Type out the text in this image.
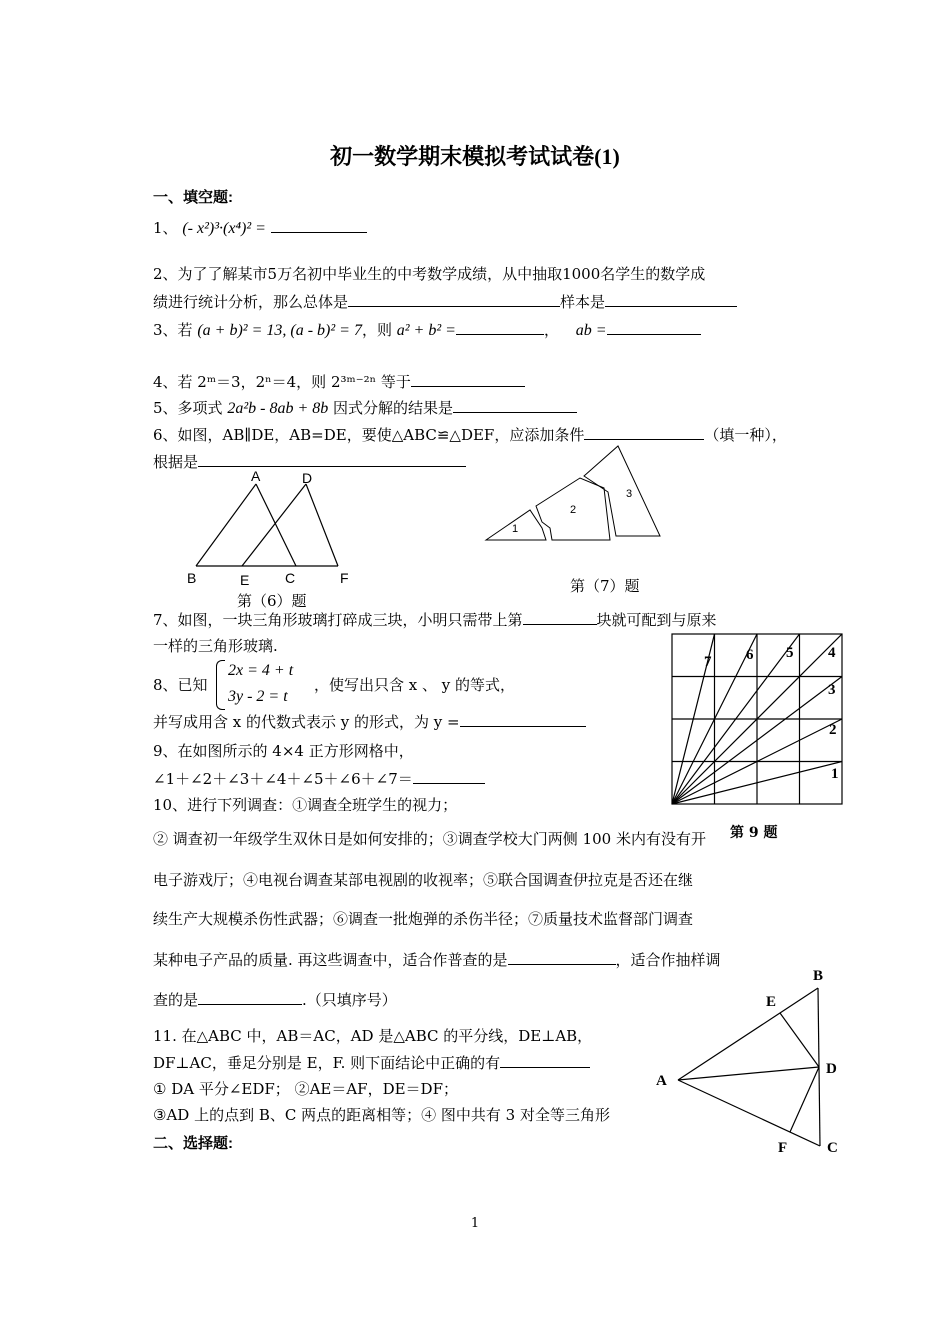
初一数学期末模拟考试试卷(1)
一、填空题:
1、 (- x²)³·(x⁴)² =
2、为了了解某市5万名初中毕业生的中考数学成绩，从中抽取1000名学生的数学成
绩进行统计分析，那么总体是	样本是
3、若 (a + b)² = 13, (a - b)² = 7，则 a² + b² =	， ab =
4、若 2ᵐ＝3，2ⁿ＝4，则 2³ᵐ⁻²ⁿ 等于
5、多项式 2a²b - 8ab + 8b 因式分解的结果是
6、如图，AB∥DE，AB=DE，要使△ABC≌△DEF，应添加条件	（填一种），
根据是
A	D
B	E	C	F
第（6）题
1
2
3
第（7）题
7、如图，一块三角形玻璃打碎成三块，小明只需带上第	块就可配到与原来
一样的三角形玻璃.
7 6 5 4
3
2
1
第 9 题
8、已知
2x = 4 + t
3y - 2 = t
，使写出只含 x 、 y 的等式，
并写成用含 x 的代数式表示 y 的形式，为 y =
9、在如图所示的 4×4 正方形网格中，
∠1＋∠2＋∠3＋∠4＋∠5＋∠6＋∠7＝
10、进行下列调查：①调查全班学生的视力；
② 调查初一年级学生双休日是如何安排的；③调查学校大门两侧 100 米内有没有开
电子游戏厅；④电视台调查某部电视剧的收视率；⑤联合国调查伊拉克是否还在继
续生产大规模杀伤性武器；⑥调查一批炮弹的杀伤半径；⑦质量技术监督部门调查
某种电子产品的质量. 再这些调查中，适合作普查的是	，适合作抽样调
查的是	.（只填序号）
B
E
A
D
F	C
11. 在△ABC 中，AB＝AC，AD 是△ABC 的平分线，DE⊥AB，
DF⊥AC，垂足分别是 E，F. 则下面结论中正确的有
① DA 平分∠EDF； ②AE＝AF，DE＝DF；
③AD 上的点到 B、C 两点的距离相等；④ 图中共有 3 对全等三角形
二、选择题:
1
